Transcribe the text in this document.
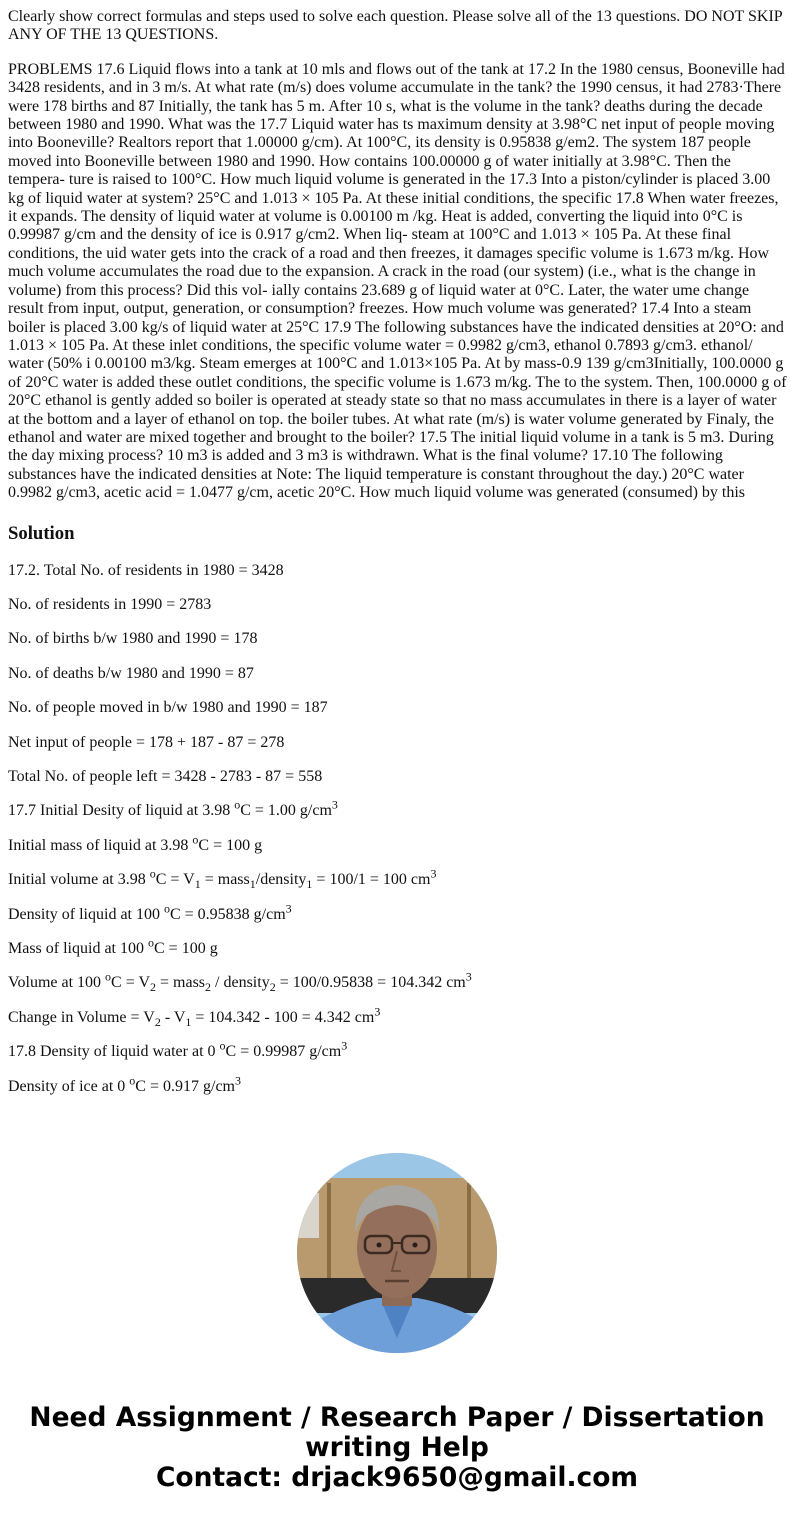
Clearly show correct formulas and steps used to solve each question. Please solve all of the 13 questions. DO NOT SKIP ANY OF THE 13 QUESTIONS.

PROBLEMS 17.6 Liquid flows into a tank at 10 mls and flows out of the tank at 17.2 In the 1980 census, Booneville had 3428 residents, and in 3 m/s. At what rate (m/s) does volume accumulate in the tank? the 1990 census, it had 2783·There were 178 births and 87 Initially, the tank has 5 m. After 10 s, what is the volume in the tank? deaths during the decade between 1980 and 1990. What was the 17.7 Liquid water has ts maximum density at 3.98°C net input of people moving into Booneville? Realtors report that 1.00000 g/cm). At 100°C, its density is 0.95838 g/em2. The system 187 people moved into Booneville between 1980 and 1990. How contains 100.00000 g of water initially at 3.98°C. Then the tempera- ture is raised to 100°C. How much liquid volume is generated in the 17.3 Into a piston/cylinder is placed 3.00 kg of liquid water at system? 25°C and 1.013 × 105 Pa. At these initial conditions, the specific 17.8 When water freezes, it expands. The density of liquid water at volume is 0.00100 m /kg. Heat is added, converting the liquid into 0°C is 0.99987 g/cm and the density of ice is 0.917 g/cm2. When liq- steam at 100°C and 1.013 × 105 Pa. At these final conditions, the uid water gets into the crack of a road and then freezes, it damages specific volume is 1.673 m/kg. How much volume accumulates the road due to the expansion. A crack in the road (our system) (i.e., what is the change in volume) from this process? Did this vol- ially contains 23.689 g of liquid water at 0°C. Later, the water ume change result from input, output, generation, or consumption? freezes. How much volume was generated? 17.4 Into a steam boiler is placed 3.00 kg/s of liquid water at 25°C 17.9 The following substances have the indicated densities at 20°O: and 1.013 × 105 Pa. At these inlet conditions, the specific volume water = 0.9982 g/cm3, ethanol 0.7893 g/cm3. ethanol/ water (50% i 0.00100 m3/kg. Steam emerges at 100°C and 1.013×105 Pa. At by mass-0.9 139 g/cm3Initially, 100.0000 g of 20°C water is added these outlet conditions, the specific volume is 1.673 m/kg. The to the system. Then, 100.0000 g of 20°C ethanol is gently added so boiler is operated at steady state so that no mass accumulates in there is a layer of water at the bottom and a layer of ethanol on top. the boiler tubes. At what rate (m/s) is water volume generated by Finaly, the ethanol and water are mixed together and brought to the boiler? 17.5 The initial liquid volume in a tank is 5 m3. During the day mixing process? 10 m3 is added and 3 m3 is withdrawn. What is the final volume? 17.10 The following substances have the indicated densities at Note: The liquid temperature is constant throughout the day.) 20°C water 0.9982 g/cm3, acetic acid = 1.0477 g/cm, acetic 20°C. How much liquid volume was generated (consumed) by this

Solution

17.2. Total No. of residents in 1980 = 3428

No. of residents in 1990 = 2783

No. of births b/w 1980 and 1990 = 178

No. of deaths b/w 1980 and 1990 = 87

No. of people moved in b/w 1980 and 1990 = 187

Net input of people = 178 + 187 - 87 = 278

Total No. of people left = 3428 - 2783 - 87 = 558

17.7 Initial Desity of liquid at 3.98 $^o$C = 1.00 $g/cm^3$

Initial mass of liquid at 3.98 $^o$C = 100 g

Initial volume at 3.98 $^oC = V_1$ = mass$_1$/density$_1$ = 100/1 = 100 $cm^3$

Density of liquid at 100 $^o$C = 0.95838 $g/cm^3$

Mass of liquid at 100 $^o$C = 100 g

Volume at 100 $^oC = V_2$ = mass$_2$ / density$_2$ = 100/0.95838 = 104.342 $cm^3$

Change in Volume = $V_2 - V_1 = 104.342 - 100 = 4.342$ $cm^3$

17.8 Density of liquid water at 0 $^o$C = 0.99987 $g/cm^3$

Density of ice at 0 $^o$C = 0.917 $g/cm^3$

Need Assignment / Research Paper / Dissertation
writing Help
Contact: drjack9650@gmail.com
